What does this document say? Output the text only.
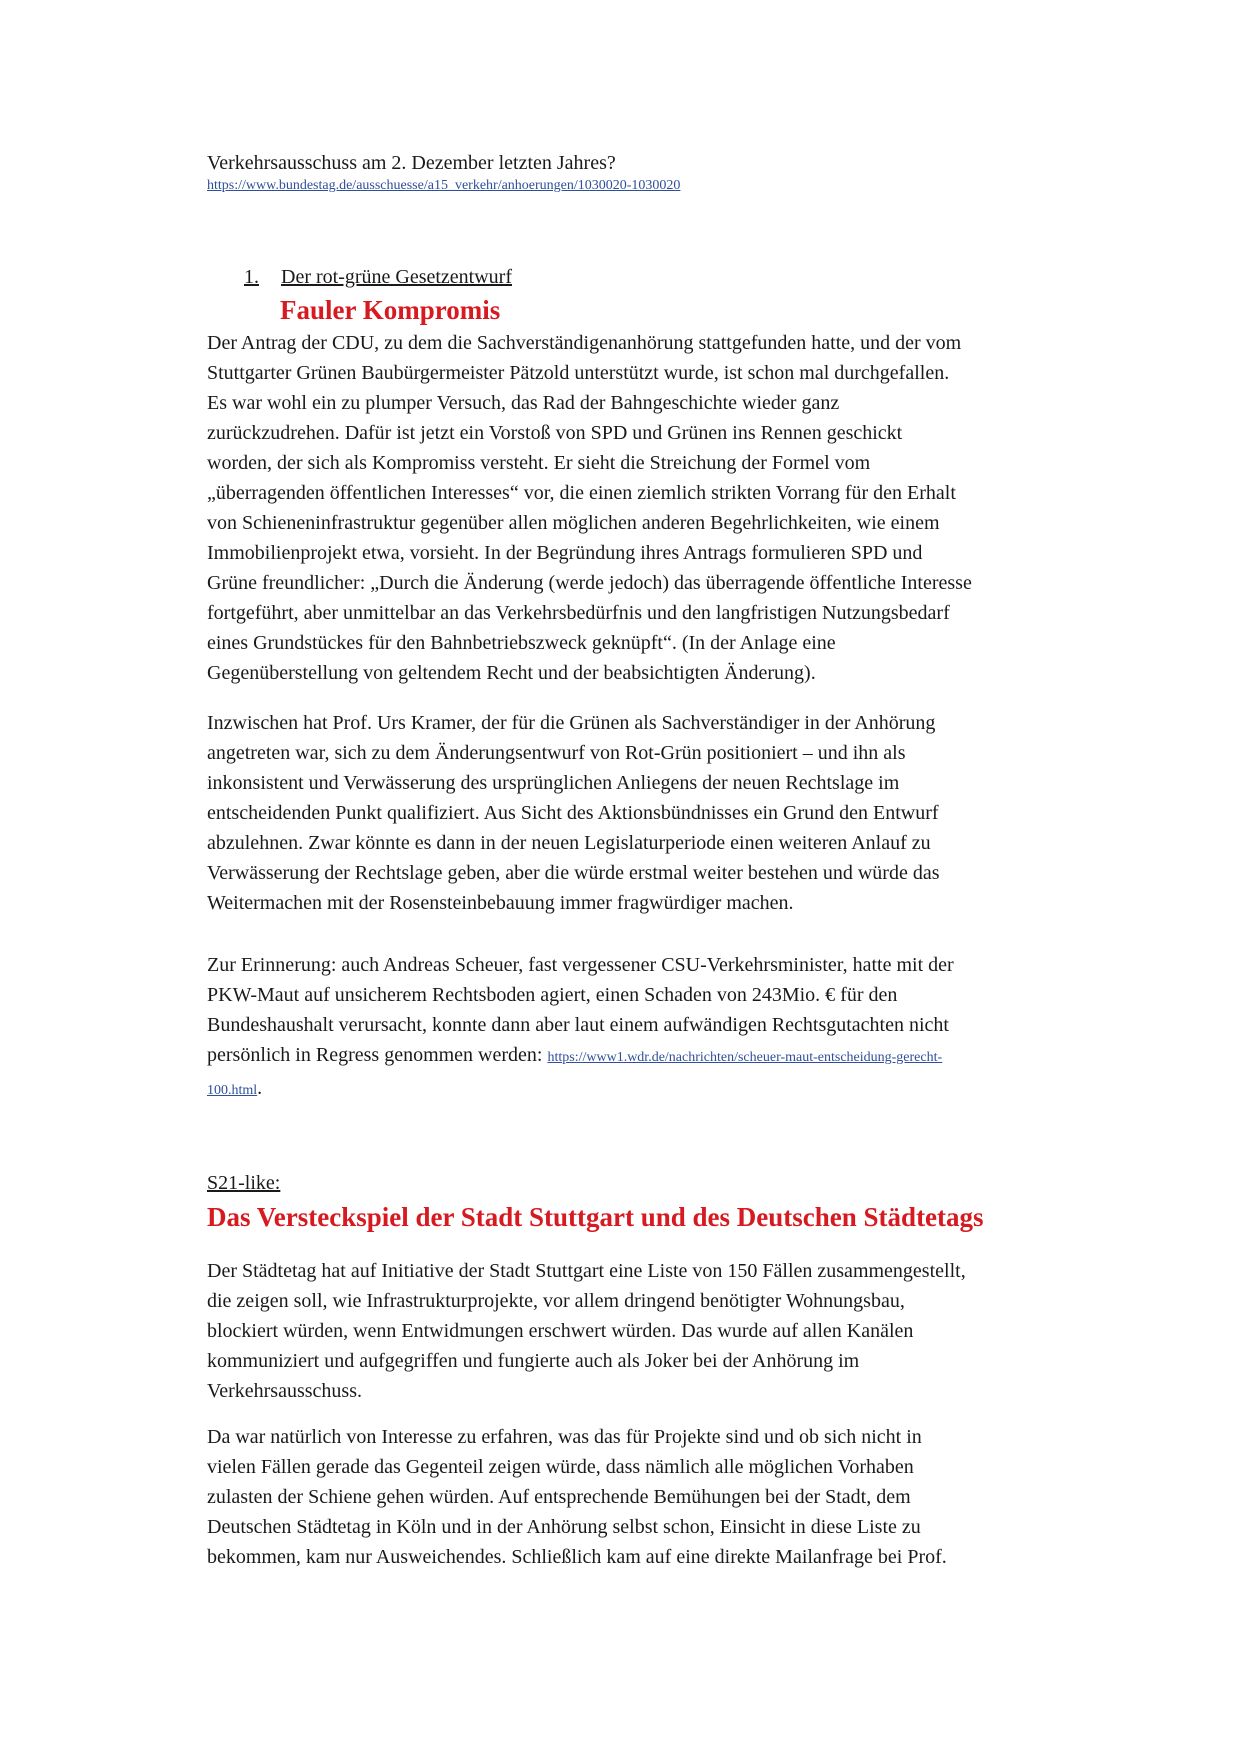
Verkehrsausschuss am 2. Dezember letzten Jahres?
https://www.bundestag.de/ausschuesse/a15_verkehr/anhoerungen/1030020-1030020
1. Der rot-grüne Gesetzentwurf
Fauler Kompromis
Der Antrag der CDU, zu dem die Sachverständigenanhörung stattgefunden hatte, und der vom
Stuttgarter Grünen Baubürgermeister Pätzold unterstützt wurde, ist schon mal durchgefallen.
Es war wohl ein zu plumper Versuch, das Rad der Bahngeschichte wieder ganz
zurückzudrehen. Dafür ist jetzt ein Vorstoß von SPD und Grünen ins Rennen geschickt
worden, der sich als Kompromiss versteht. Er sieht die Streichung der Formel vom
„überragenden öffentlichen Interesses“ vor, die einen ziemlich strikten Vorrang für den Erhalt
von Schieneninfrastruktur gegenüber allen möglichen anderen Begehrlichkeiten, wie einem
Immobilienprojekt etwa, vorsieht. In der Begründung ihres Antrags formulieren SPD und
Grüne freundlicher: „Durch die Änderung (werde jedoch) das überragende öffentliche Interesse
fortgeführt, aber unmittelbar an das Verkehrsbedürfnis und den langfristigen Nutzungsbedarf
eines Grundstückes für den Bahnbetriebszweck geknüpft“. (In der Anlage eine
Gegenüberstellung von geltendem Recht und der beabsichtigten Änderung).
Inzwischen hat Prof. Urs Kramer, der für die Grünen als Sachverständiger in der Anhörung
angetreten war, sich zu dem Änderungsentwurf von Rot-Grün positioniert – und ihn als
inkonsistent und Verwässerung des ursprünglichen Anliegens der neuen Rechtslage im
entscheidenden Punkt qualifiziert. Aus Sicht des Aktionsbündnisses ein Grund den Entwurf
abzulehnen. Zwar könnte es dann in der neuen Legislaturperiode einen weiteren Anlauf zu
Verwässerung der Rechtslage geben, aber die würde erstmal weiter bestehen und würde das
Weitermachen mit der Rosensteinbebauung immer fragwürdiger machen.
Zur Erinnerung: auch Andreas Scheuer, fast vergessener CSU-Verkehrsminister, hatte mit der
PKW-Maut auf unsicherem Rechtsboden agiert, einen Schaden von 243Mio. € für den
Bundeshaushalt verursacht, konnte dann aber laut einem aufwändigen Rechtsgutachten nicht
persönlich in Regress genommen werden: https://www1.wdr.de/nachrichten/scheuer-maut-entscheidung-gerecht-
100.html.
S21-like:
Das Versteckspiel der Stadt Stuttgart und des Deutschen Städtetags
Der Städtetag hat auf Initiative der Stadt Stuttgart eine Liste von 150 Fällen zusammengestellt,
die zeigen soll, wie Infrastrukturprojekte, vor allem dringend benötigter Wohnungsbau,
blockiert würden, wenn Entwidmungen erschwert würden. Das wurde auf allen Kanälen
kommuniziert und aufgegriffen und fungierte auch als Joker bei der Anhörung im
Verkehrsausschuss.
Da war natürlich von Interesse zu erfahren, was das für Projekte sind und ob sich nicht in
vielen Fällen gerade das Gegenteil zeigen würde, dass nämlich alle möglichen Vorhaben
zulasten der Schiene gehen würden. Auf entsprechende Bemühungen bei der Stadt, dem
Deutschen Städtetag in Köln und in der Anhörung selbst schon, Einsicht in diese Liste zu
bekommen, kam nur Ausweichendes. Schließlich kam auf eine direkte Mailanfrage bei Prof.
